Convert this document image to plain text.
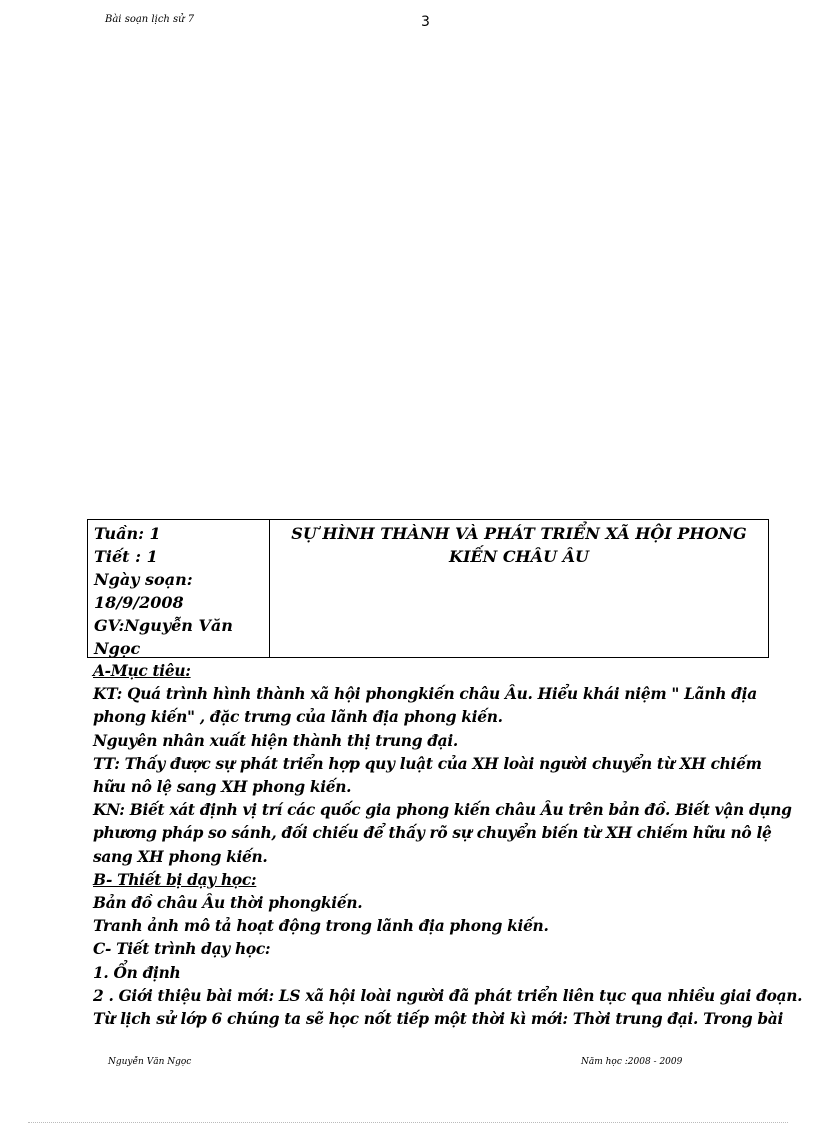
Bài soạn lịch sử 7	3
Tuần: 1
Tiết : 1
Ngày soạn:
18/9/2008
GV:Nguyễn Văn
Ngọc
SỰ HÌNH THÀNH VÀ PHÁT TRIỂN XÃ HỘI PHONG
KIẾN CHÂU ÂU
A-Mục tiêu:
KT: Quá trình hình thành xã hội phongkiến châu Âu. Hiểu khái niệm " Lãnh địa
phong kiến" , đặc trưng của lãnh địa phong kiến.
Nguyên nhân xuất hiện thành thị trung đại.
TT: Thấy được sự phát triển hợp quy luật của XH loài người chuyển từ XH chiếm
hữu nô lệ sang XH phong kiến.
KN: Biết xát định vị trí các quốc gia phong kiến châu Âu trên bản đồ. Biết vận dụng
phương pháp so sánh, đối chiếu để thấy rõ sự chuyển biến từ XH chiếm hữu nô lệ
sang XH phong kiến.
B- Thiết bị dạy học:
Bản đồ châu Âu thời phongkiến.
Tranh ảnh mô tả hoạt động trong lãnh địa phong kiến.
C- Tiết trình dạy học:
1. Ổn định
2 . Giới thiệu bài mới: LS xã hội loài người đã phát triển liên tục qua nhiều giai đoạn.
Từ lịch sử lớp 6 chúng ta sẽ học nốt tiếp một thời kì mới: Thời trung đại. Trong bài
Nguyễn Văn Ngọc	Năm học :2008 - 2009
